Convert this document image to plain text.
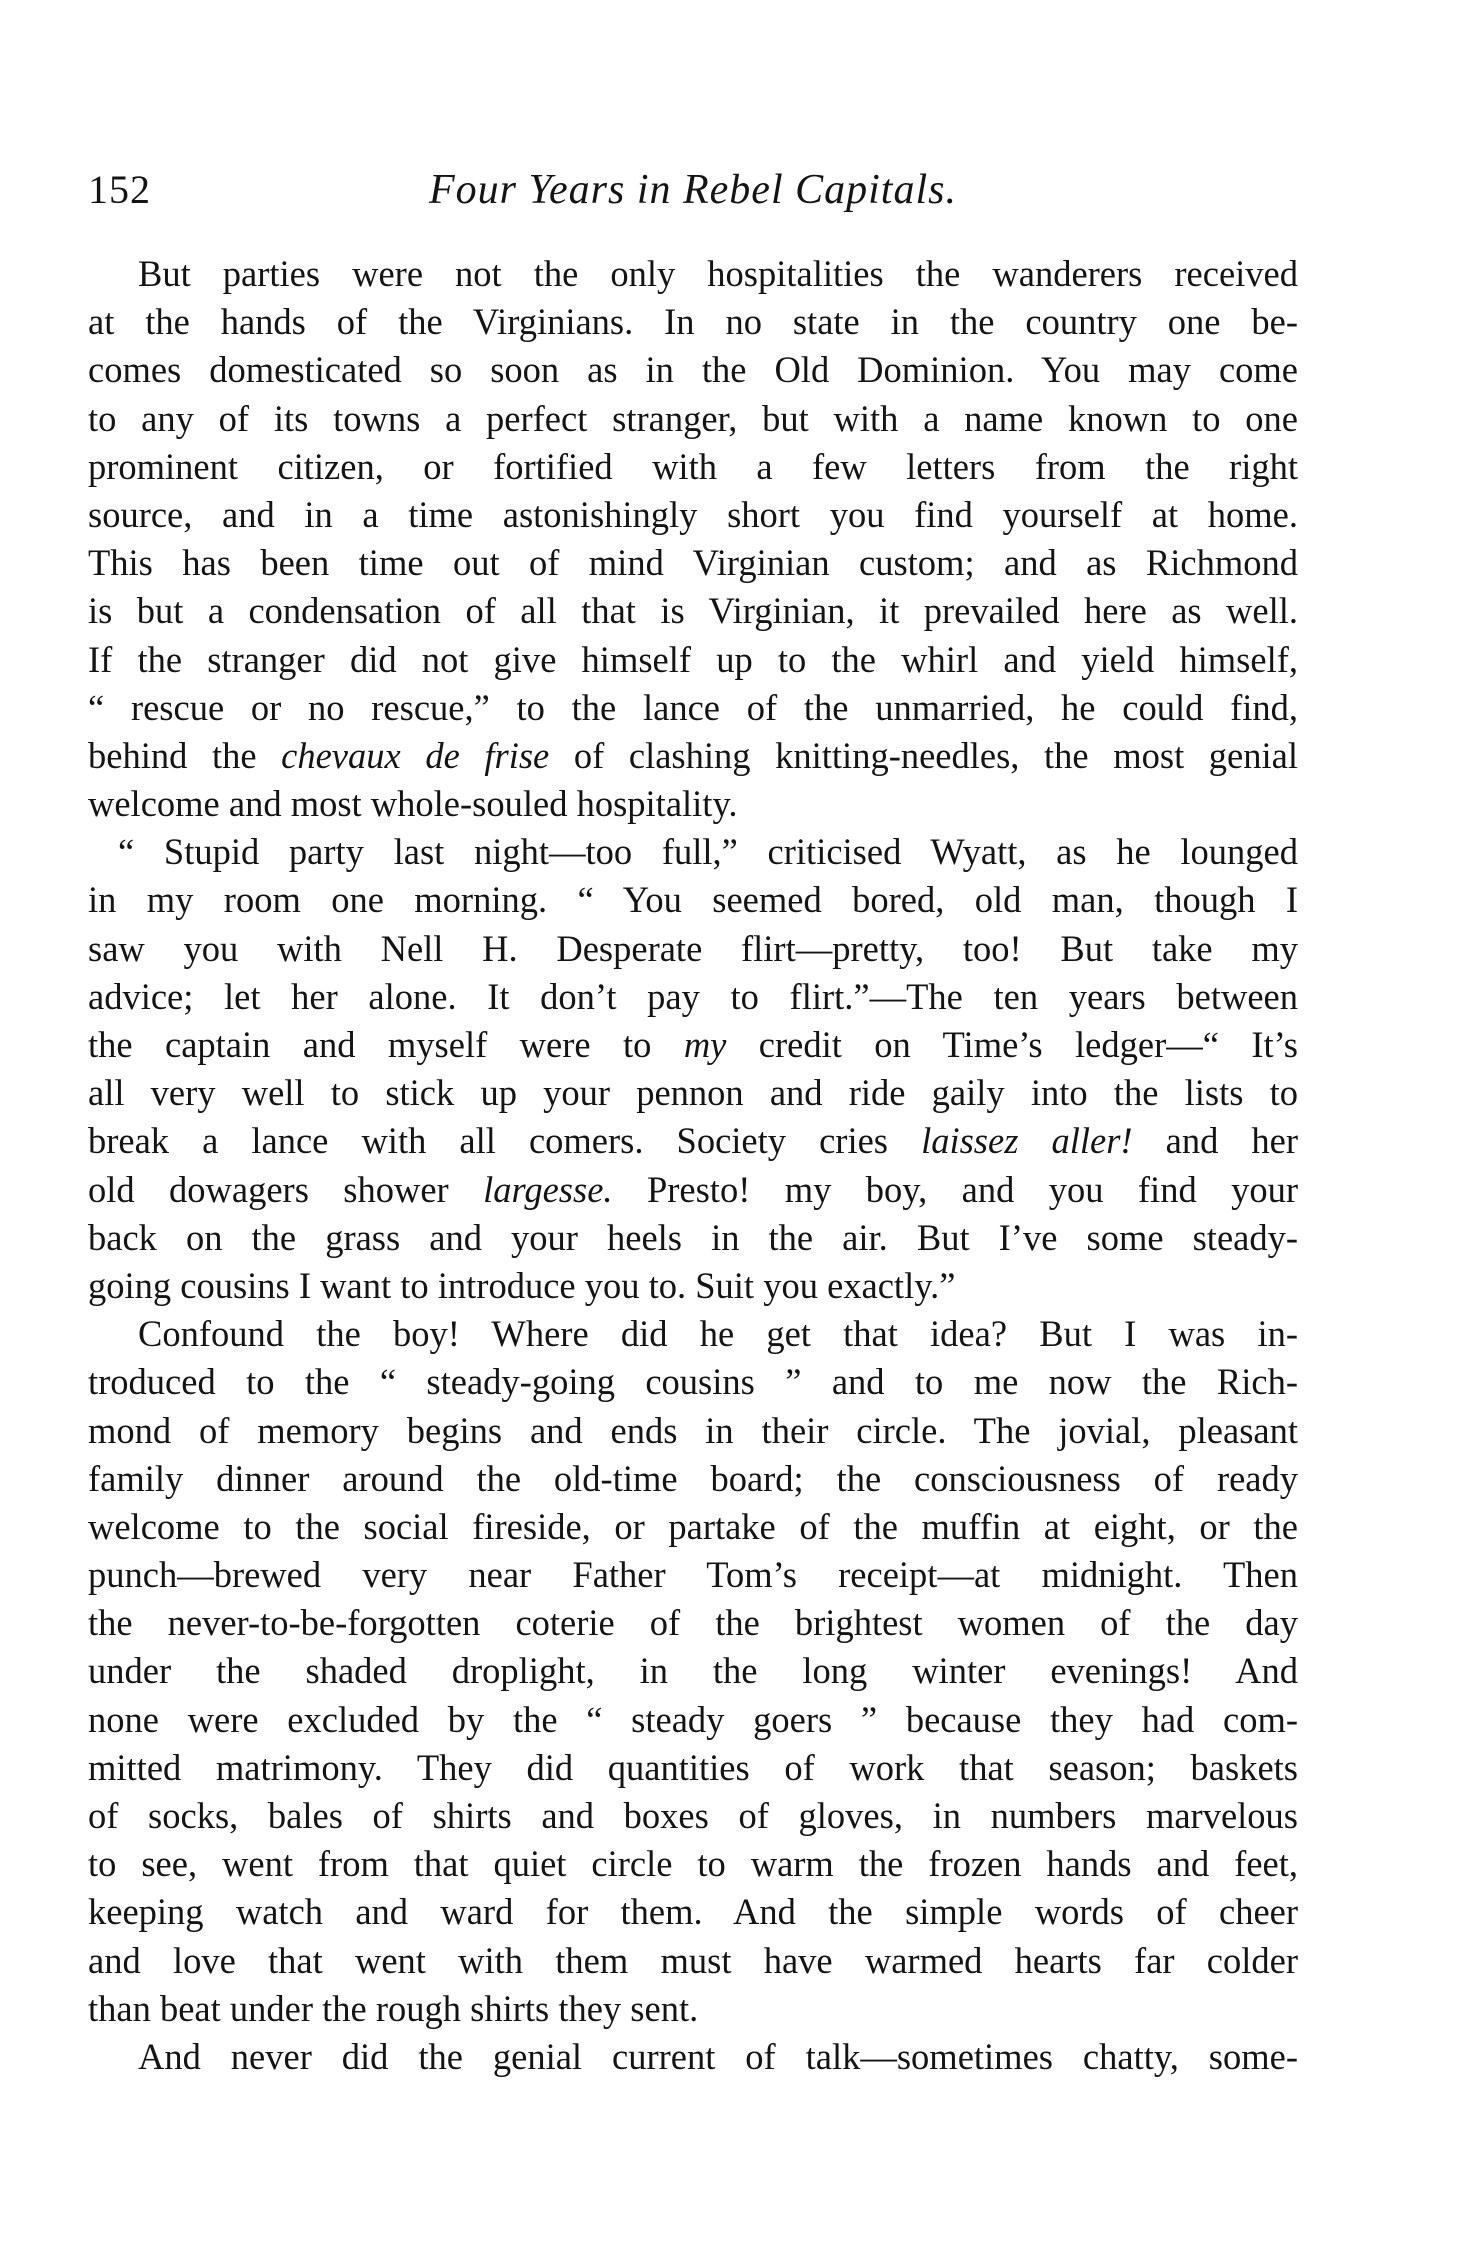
152	Four Years in Rebel Capitals.
But parties were not the only hospitalities the wanderers received
at the hands of the Virginians. In no state in the country one be-
comes domesticated so soon as in the Old Dominion. You may come
to any of its towns a perfect stranger, but with a name known to one
prominent citizen, or fortified with a few letters from the right
source, and in a time astonishingly short you find yourself at home.
This has been time out of mind Virginian custom; and as Richmond
is but a condensation of all that is Virginian, it prevailed here as well.
If the stranger did not give himself up to the whirl and yield himself,
“ rescue or no rescue,” to the lance of the unmarried, he could find,
behind the chevaux de frise of clashing knitting-needles, the most genial
welcome and most whole-souled hospitality.
“ Stupid party last night—too full,” criticised Wyatt, as he lounged
in my room one morning. “ You seemed bored, old man, though I
saw you with Nell H. Desperate flirt—pretty, too! But take my
advice; let her alone. It don’t pay to flirt.”—The ten years between
the captain and myself were to my credit on Time’s ledger—“ It’s
all very well to stick up your pennon and ride gaily into the lists to
break a lance with all comers. Society cries laissez aller! and her
old dowagers shower largesse. Presto! my boy, and you find your
back on the grass and your heels in the air. But I’ve some steady-
going cousins I want to introduce you to. Suit you exactly.”
Confound the boy! Where did he get that idea? But I was in-
troduced to the “ steady-going cousins ” and to me now the Rich-
mond of memory begins and ends in their circle. The jovial, pleasant
family dinner around the old-time board; the consciousness of ready
welcome to the social fireside, or partake of the muffin at eight, or the
punch—brewed very near Father Tom’s receipt—at midnight. Then
the never-to-be-forgotten coterie of the brightest women of the day
under the shaded droplight, in the long winter evenings! And
none were excluded by the “ steady goers ” because they had com-
mitted matrimony. They did quantities of work that season; baskets
of socks, bales of shirts and boxes of gloves, in numbers marvelous
to see, went from that quiet circle to warm the frozen hands and feet,
keeping watch and ward for them. And the simple words of cheer
and love that went with them must have warmed hearts far colder
than beat under the rough shirts they sent.
And never did the genial current of talk—sometimes chatty, some-
